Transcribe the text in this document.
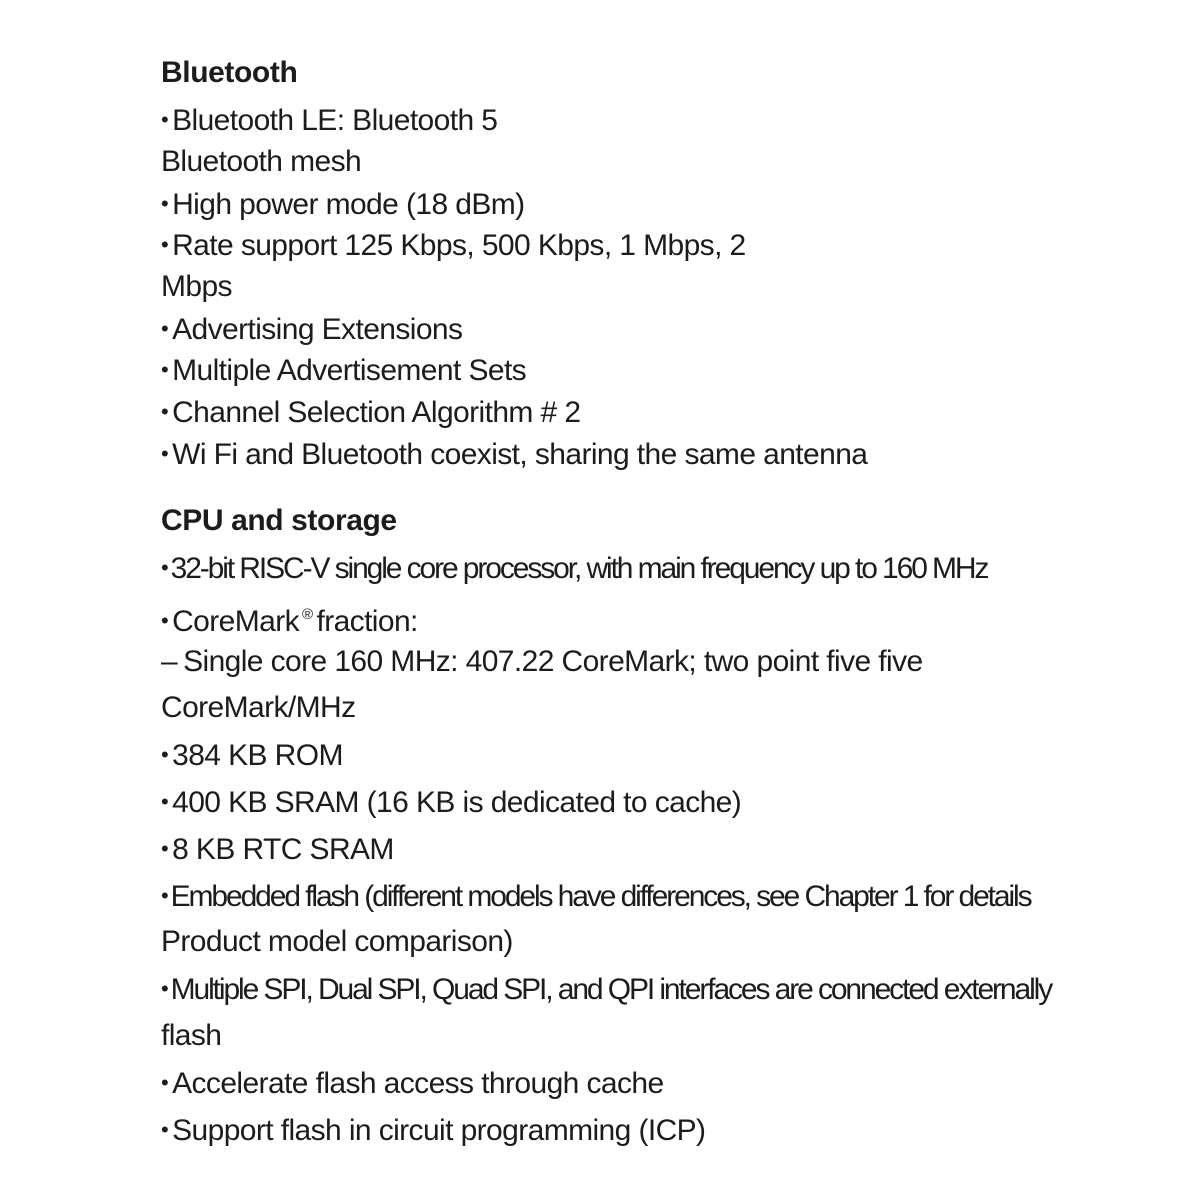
Bluetooth
• Bluetooth LE: Bluetooth 5
Bluetooth mesh
• High power mode (18 dBm)
• Rate support 125 Kbps, 500 Kbps, 1 Mbps, 2
Mbps
• Advertising Extensions
• Multiple Advertisement Sets
• Channel Selection Algorithm # 2
• Wi Fi and Bluetooth coexist, sharing the same antenna
CPU and storage
• 32-bit RISC-V single core processor, with main frequency up to 160 MHz
• CoreMark ® fraction:
– Single core 160 MHz: 407.22 CoreMark; two point five five
CoreMark/MHz
• 384 KB ROM
• 400 KB SRAM (16 KB is dedicated to cache)
• 8 KB RTC SRAM
• Embedded flash (different models have differences, see Chapter 1 for details
Product model comparison)
• Multiple SPI, Dual SPI, Quad SPI, and QPI interfaces are connected externally
flash
• Accelerate flash access through cache
• Support flash in circuit programming (ICP)
